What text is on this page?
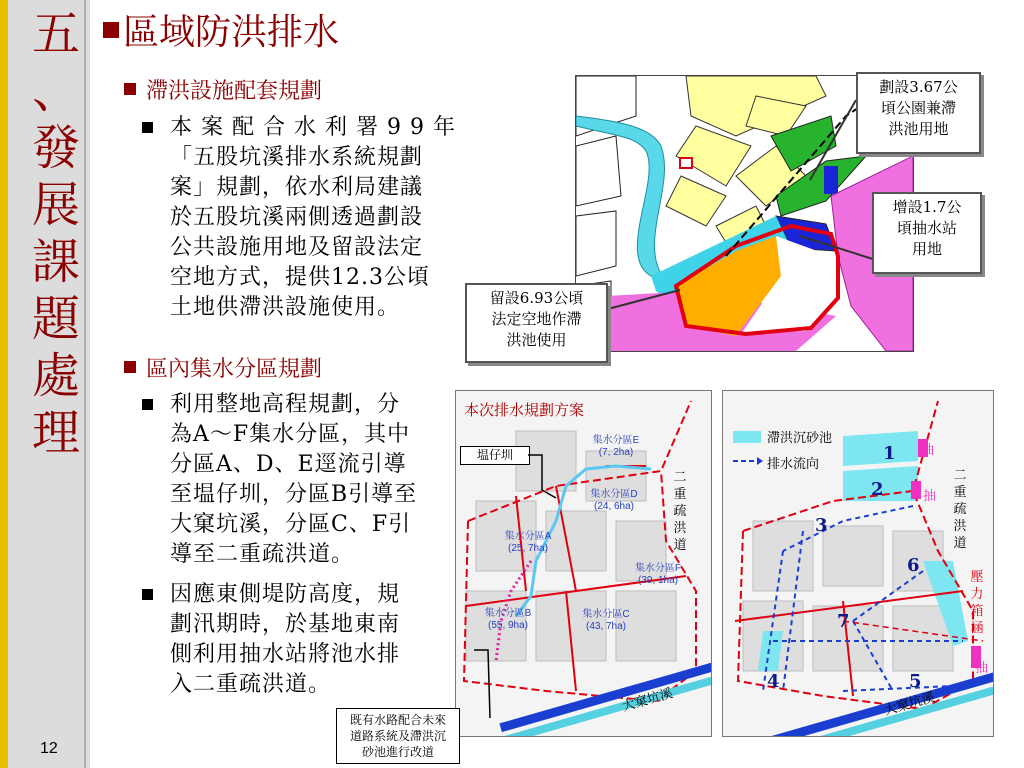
五
、
發
展
課
題
處
理
12
區域防洪排水
滯洪設施配套規劃
本案配合水利署99年
「五股坑溪排水系統規劃
案」規劃，依水利局建議
於五股坑溪兩側透過劃設
公共設施用地及留設法定
空地方式，提供12.3公頃
土地供滯洪設施使用。
區內集水分區規劃
利用整地高程規劃，分
為A～F集水分區，其中
分區A、D、E逕流引導
至塭仔圳，分區B引導至
大窠坑溪，分區C、F引
導至二重疏洪道。
因應東側堤防高度，規
劃汛期時，於基地東南
側利用抽水站將池水排
入二重疏洪道。
劃設3.67公
頃公園兼滯
洪池用地
增設1.7公
頃抽水站
用地
留設6.93公頃
法定空地作滯
洪池使用
本次排水規劃方案
集水分區E
(7, 2ha)
集水分區D
(24, 6ha)
集水分區A
(25, 7ha)
集水分區F
(39, 1ha)
集水分區B
(55, 9ha)
集水分區C
(43, 7ha)
二重疏洪道
大窠坑溪
塭仔圳
滯洪沉砂池
排水流向
1
2
3
4	5
6
7
抽
抽
抽
二重疏洪道
壓
力
箱
涵
大窠坑溪
既有水路配合未來
道路系統及滯洪沉
砂池進行改道
